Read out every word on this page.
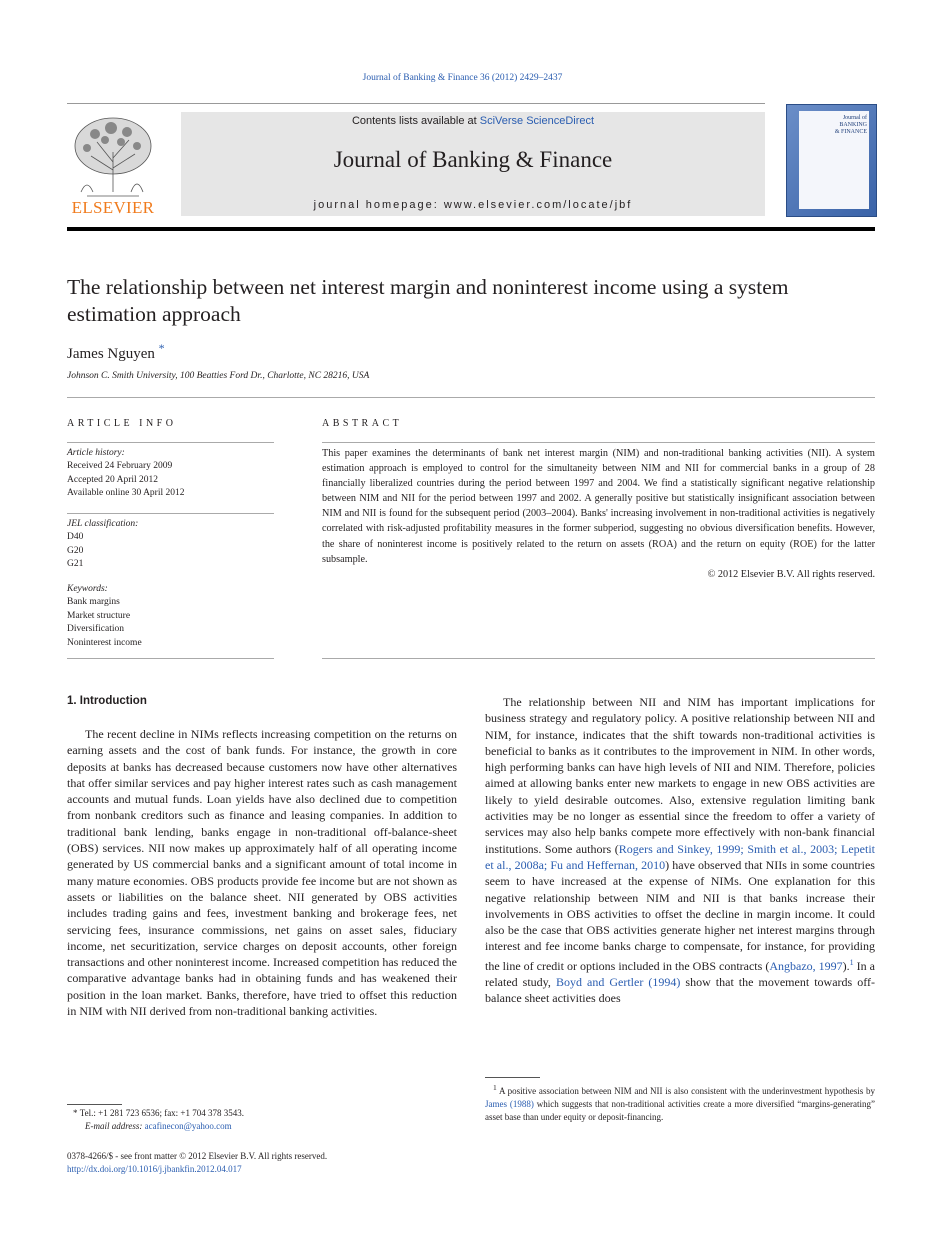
Journal of Banking & Finance 36 (2012) 2429–2437
ELSEVIER
Contents lists available at SciVerse ScienceDirect
Journal of Banking & Finance
journal homepage: www.elsevier.com/locate/jbf
Journal of
BANKING
& FINANCE
The relationship between net interest margin and noninterest income using a system estimation approach
James Nguyen *
Johnson C. Smith University, 100 Beatties Ford Dr., Charlotte, NC 28216, USA
ARTICLE INFO
Article history:
Received 24 February 2009
Accepted 20 April 2012
Available online 30 April 2012
JEL classification:
D40
G20
G21
Keywords:
Bank margins
Market structure
Diversification
Noninterest income
ABSTRACT
This paper examines the determinants of bank net interest margin (NIM) and non-traditional banking activities (NII). A system estimation approach is employed to control for the simultaneity between NIM and NII for commercial banks in a group of 28 financially liberalized countries during the period between 1997 and 2004. We find a statistically significant negative relationship between NIM and NII for the period between 1997 and 2002. A generally positive but statistically insignificant association between NIM and NII is found for the subsequent period (2003–2004). Banks' increasing involvement in non-traditional activities is negatively correlated with risk-adjusted profitability measures in the former subperiod, suggesting no obvious diversification benefits. However, the share of noninterest income is positively related to the return on assets (ROA) and the return on equity (ROE) for the latter subsample.
© 2012 Elsevier B.V. All rights reserved.
1. Introduction

The recent decline in NIMs reflects increasing competition on the returns on earning assets and the cost of bank funds. For instance, the growth in core deposits at banks has decreased because customers now have other alternatives that offer similar services and pay higher interest rates such as cash management accounts and mutual funds. Loan yields have also declined due to competition from nonbank creditors such as finance and leasing companies. In addition to traditional bank lending, banks engage in non-traditional off-balance-sheet (OBS) services. NII now makes up approximately half of all operating income generated by US commercial banks and a significant amount of total income in many mature economies. OBS products provide fee income but are not shown as assets or liabilities on the balance sheet. NII generated by OBS activities includes trading gains and fees, investment banking and brokerage fees, net servicing fees, insurance commissions, net gains on asset sales, fiduciary income, net securitization, service charges on deposit accounts, other foreign transactions and other noninterest income. Increased competition has reduced the comparative advantage banks had in obtaining funds and has weakened their position in the loan market. Banks, therefore, have tried to offset this reduction in NIM with NII derived from non-traditional banking activities.

The relationship between NII and NIM has important implications for business strategy and regulatory policy. A positive relationship between NII and NIM, for instance, indicates that the shift towards non-traditional activities is beneficial to banks as it contributes to the improvement in NIM. In other words, high performing banks can have high levels of NII and NIM. Therefore, policies aimed at allowing banks enter new markets to engage in new OBS activities are likely to yield desirable outcomes. Also, extensive regulation limiting bank activities may be no longer as essential since the freedom to offer a variety of services may also help banks compete more effectively with non-bank financial institutions. Some authors (Rogers and Sinkey, 1999; Smith et al., 2003; Lepetit et al., 2008a; Fu and Heffernan, 2010) have observed that NIIs in some countries seem to have increased at the expense of NIMs. One explanation for this negative relationship between NIM and NII is that banks increase their involvements in OBS activities to offset the decline in margin income. It could also be the case that OBS activities generate higher net interest margins through interest and fee income banks charge to compensate, for instance, for providing the line of credit or options included in the OBS contracts (Angbazo, 1997).$^1$ In a related study, Boyd and Gertler (1994) show that the movement towards off-balance sheet activities does

* Tel.: +1 281 723 6536; fax: +1 704 378 3543.
E-mail address: acafinecon@yahoo.com
$^1$ A positive association between NIM and NII is also consistent with the underinvestment hypothesis by James (1988) which suggests that non-traditional activities create a more diversified “margins-generating” asset base than under equity or deposit-financing.
0378-4266/$ - see front matter © 2012 Elsevier B.V. All rights reserved.
http://dx.doi.org/10.1016/j.jbankfin.2012.04.017
